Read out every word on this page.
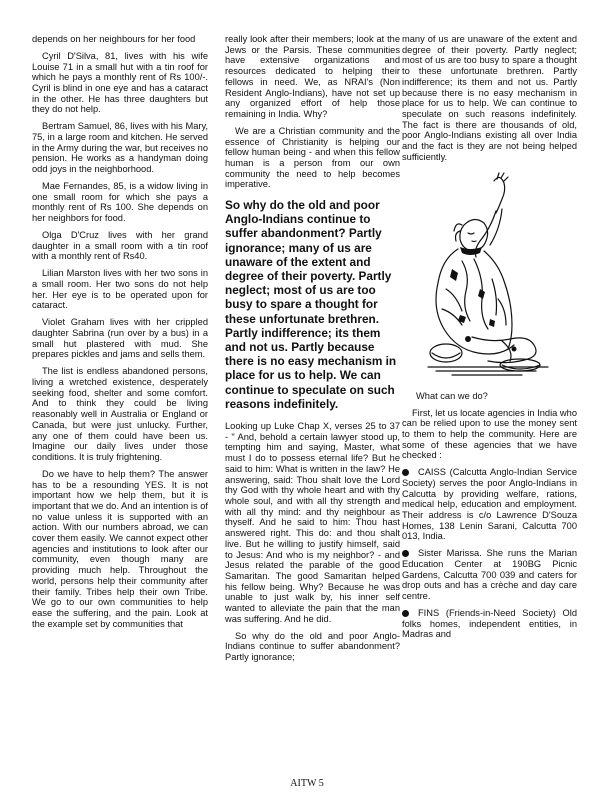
depends on her neighbours for her food

Cyril D'Silva, 81, lives with his wife Louise 71 in a small hut with a tin roof for which he pays a monthly rent of Rs 100/-. Cyril is blind in one eye and has a cataract in the other. He has three daughters but they do not help.

Bertram Samuel, 86, lives with his Mary, 75, in a large room and kitchen. He served in the Army during the war, but receives no pension. He works as a handyman doing odd joys in the neighborhood.

Mae Fernandes, 85, is a widow living in one small room for which she pays a monthly rent of Rs 100. She depends on her neighbors for food.

Olga D'Cruz lives with her grand daughter in a small room with a tin roof with a monthly rent of Rs40.

Lilian Marston lives with her two sons in a small room. Her two sons do not help her. Her eye is to be operated upon for cataract.

Violet Graham lives with her crippled daughter Sabrina (run over by a bus) in a small hut plastered with mud. She prepares pickles and jams and sells them.

The list is endless abandoned persons, living a wretched existence, desperately seeking food, shelter and some comfort. And to think they could be living reasonably well in Australia or England or Canada, but were just unlucky. Further, any one of them could have been us. Imagine our daily lives under those conditions. It is truly frightening.

Do we have to help them? The answer has to be a resounding YES. It is not important how we help them, but it is important that we do. And an intention is of no value unless it is supported with an action. With our numbers abroad, we can cover them easily. We cannot expect other agencies and institutions to look after our community, even though many are providing much help. Throughout the world, persons help their community after their family. Tribes help their own Tribe. We go to our own communities to help ease the suffering, and the pain. Look at the example set by communities that

really look after their members; look at the Jews or the Parsis. These communities have extensive organizations and resources dedicated to helping their fellows in need. We, as NRAI's (Non Resident Anglo-Indians), have not set up any organized effort of help those remaining in India. Why?

We are a Christian community and the essence of Christianity is helping our fellow human being - and when this fellow human is a person from our own community the need to help becomes imperative.

So why do the old and poor Anglo-Indians continue to suffer abandonment? Partly ignorance; many of us are unaware of the extent and degree of their poverty. Partly neglect; most of us are too busy to spare a thought for these unfortunate brethren. Partly indifference; its them and not us. Partly because there is no easy mechanism in place for us to help. We can continue to speculate on such reasons indefinitely.

Looking up Luke Chap X, verses 25 to 37 - " And, behold a certain lawyer stood up, tempting him and saying, Master, what must I do to possess eternal life? But he said to him: What is written in the law? He answering, said: Thou shalt love the Lord thy God with thy whole heart and with thy whole soul, and with all thy strength and with all thy mind: and thy neighbour as thyself. And he said to him: Thou hast answered right. This do: and thou shalt live. But he willing to justify himself, said to Jesus: And who is my neighbor? - and Jesus related the parable of the good Samaritan. The good Samaritan helped his fellow being. Why? Because he was unable to just walk by, his inner self wanted to alleviate the pain that the man was suffering. And he did.

So why do the old and poor Anglo-Indians continue to suffer abandonment? Partly ignorance;

many of us are unaware of the extent and degree of their poverty. Partly neglect; most of us are too busy to spare a thought to these unfortunate brethren. Partly indifference; its them and not us. Partly because there is no easy mechanism in place for us to help. We can continue to speculate on such reasons indefinitely. The fact is there are thousands of old, poor Anglo-Indians existing all over India and the fact is they are not being helped sufficiently.

What can we do?

First, let us locate agencies in India who can be relied upon to use the money sent to them to help the community. Here are some of these agencies that we have checked :

CAISS (Calcutta Anglo-Indian Service Society) serves the poor Anglo-Indians in Calcutta by providing welfare, rations, medical help, education and employment. Their address is c/o Lawrence D'Souza Homes, 138 Lenin Sarani, Calcutta 700 013, India.

Sister Marissa. She runs the Marian Education Center at 190BG Picnic Gardens, Calcutta 700 039 and caters for drop outs and has a crèche and day care centre.

FINS (Friends-in-Need Society) Old folks homes, independent entities, in Madras and

AITW 5
